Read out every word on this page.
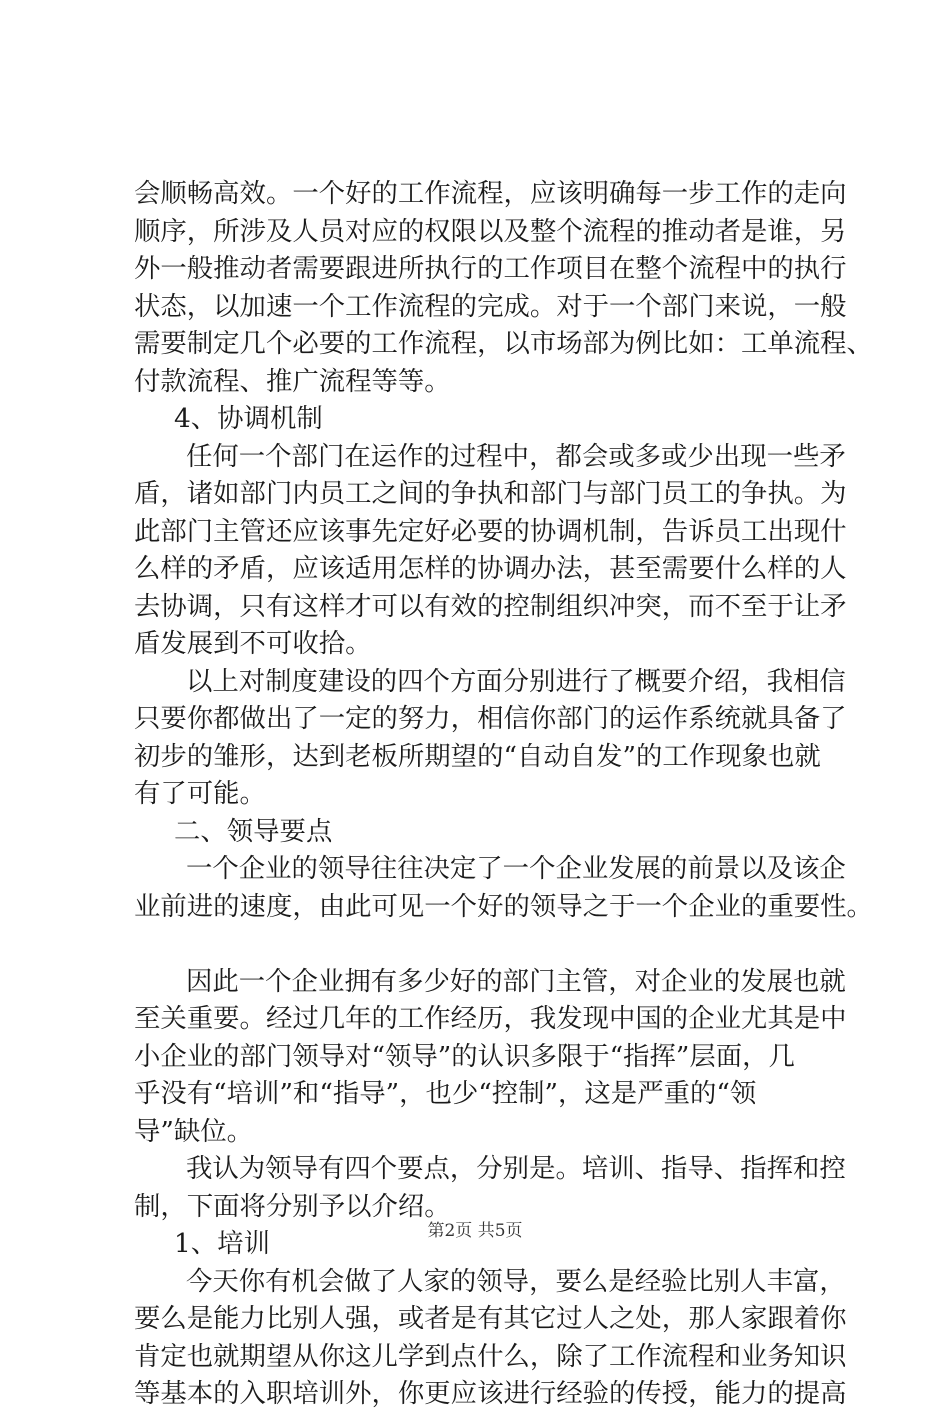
会顺畅高效。一个好的工作流程，应该明确每一步工作的走向
顺序，所涉及人员对应的权限以及整个流程的推动者是谁，另
外一般推动者需要跟进所执行的工作项目在整个流程中的执行
状态，以加速一个工作流程的完成。对于一个部门来说，一般
需要制定几个必要的工作流程，以市场部为例比如：工单流程、
付款流程、推广流程等等。
4、协调机制
任何一个部门在运作的过程中，都会或多或少出现一些矛
盾，诸如部门内员工之间的争执和部门与部门员工的争执。为
此部门主管还应该事先定好必要的协调机制，告诉员工出现什
么样的矛盾，应该适用怎样的协调办法，甚至需要什么样的人
去协调，只有这样才可以有效的控制组织冲突，而不至于让矛
盾发展到不可收拾。
以上对制度建设的四个方面分别进行了概要介绍，我相信
只要你都做出了一定的努力，相信你部门的运作系统就具备了
初步的雏形，达到老板所期望的“自动自发”的工作现象也就
有了可能。
二、领导要点
一个企业的领导往往决定了一个企业发展的前景以及该企
业前进的速度，由此可见一个好的领导之于一个企业的重要性。
因此一个企业拥有多少好的部门主管，对企业的发展也就
至关重要。经过几年的工作经历，我发现中国的企业尤其是中
小企业的部门领导对“领导”的认识多限于“指挥”层面，几
乎没有“培训”和“指导”，也少“控制”，这是严重的“领
导”缺位。
我认为领导有四个要点，分别是。培训、指导、指挥和控
制，下面将分别予以介绍。
1、培训
今天你有机会做了人家的领导，要么是经验比别人丰富，
要么是能力比别人强，或者是有其它过人之处，那人家跟着你
肯定也就期望从你这儿学到点什么，除了工作流程和业务知识
等基本的入职培训外，你更应该进行经验的传授，能力的提高
第2页 共5页
